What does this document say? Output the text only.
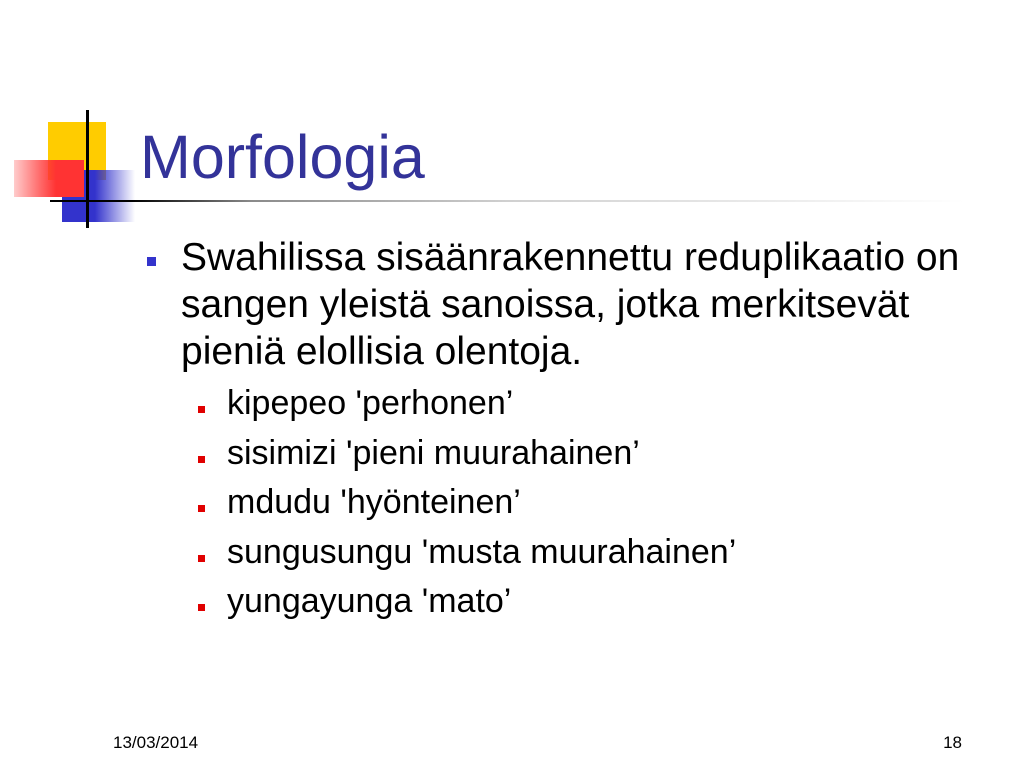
Morfologia

Swahilissa sisäänrakennettu reduplikaatio on sangen yleistä sanoissa, jotka merkitsevät pieniä elollisia olentoja.

kipepeo 'perhonen’
sisimizi 'pieni muurahainen’
mdudu 'hyönteinen’
sungusungu 'musta muurahainen’
yungayunga 'mato’
13/03/2014	18
